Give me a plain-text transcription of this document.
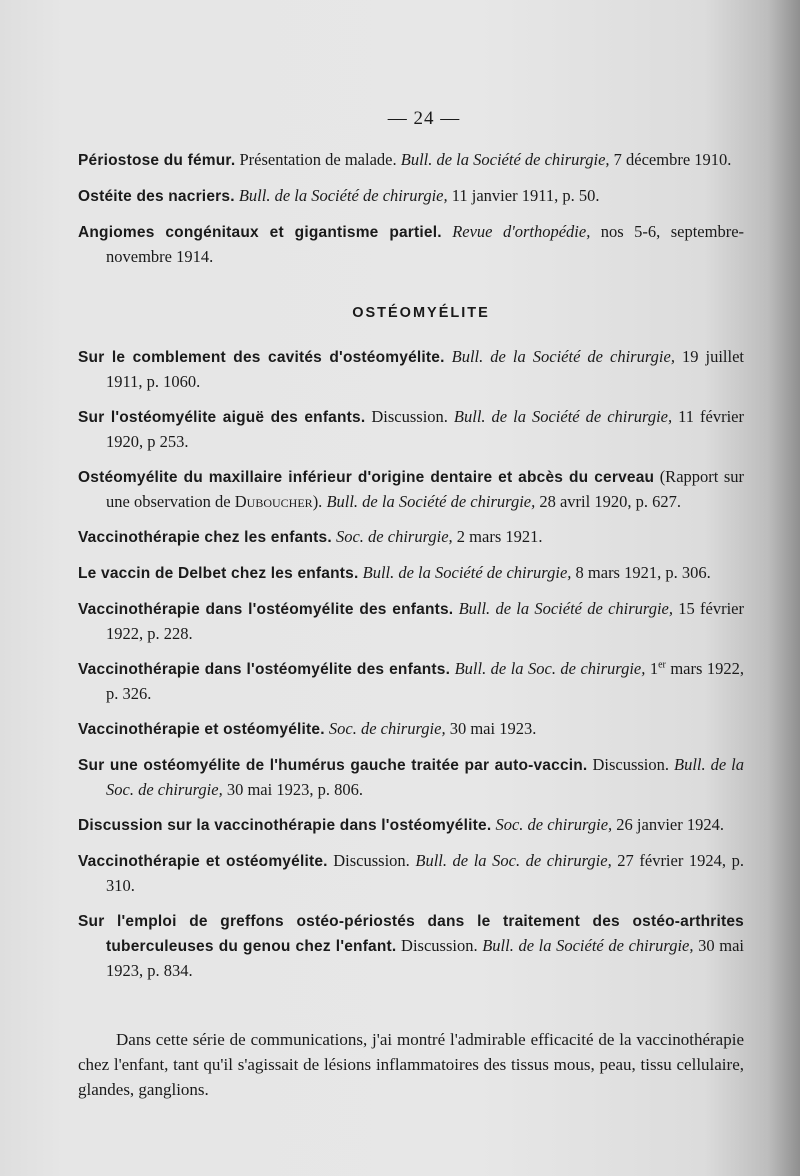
— 24 —

Périostose du fémur. Présentation de malade. Bull. de la Société de chirurgie, 7 décembre 1910.

Ostéite des nacriers. Bull. de la Société de chirurgie, 11 janvier 1911, p. 50.

Angiomes congénitaux et gigantisme partiel. Revue d'orthopédie, nos 5-6, septembre-novembre 1914.

OSTÉOMYÉLITE

Sur le comblement des cavités d'ostéomyélite. Bull. de la Société de chirurgie, 19 juillet 1911, p. 1060.

Sur l'ostéomyélite aiguë des enfants. Discussion. Bull. de la Société de chirurgie, 11 février 1920, p 253.

Ostéomyélite du maxillaire inférieur d'origine dentaire et abcès du cerveau (Rapport sur une observation de Duboucher). Bull. de la Société de chirurgie, 28 avril 1920, p. 627.

Vaccinothérapie chez les enfants. Soc. de chirurgie, 2 mars 1921.

Le vaccin de Delbet chez les enfants. Bull. de la Société de chirurgie, 8 mars 1921, p. 306.

Vaccinothérapie dans l'ostéomyélite des enfants. Bull. de la Société de chirurgie, 15 février 1922, p. 228.

Vaccinothérapie dans l'ostéomyélite des enfants. Bull. de la Soc. de chirurgie, 1er mars 1922, p. 326.

Vaccinothérapie et ostéomyélite. Soc. de chirurgie, 30 mai 1923.

Sur une ostéomyélite de l'humérus gauche traitée par auto-vaccin. Discussion. Bull. de la Soc. de chirurgie, 30 mai 1923, p. 806.

Discussion sur la vaccinothérapie dans l'ostéomyélite. Soc. de chirurgie, 26 janvier 1924.

Vaccinothérapie et ostéomyélite. Discussion. Bull. de la Soc. de chirurgie, 27 février 1924, p. 310.

Sur l'emploi de greffons ostéo-périostés dans le traitement des ostéo-arthrites tuberculeuses du genou chez l'enfant. Discussion. Bull. de la Société de chirurgie, 30 mai 1923, p. 834.

Dans cette série de communications, j'ai montré l'admirable efficacité de la vaccinothérapie chez l'enfant, tant qu'il s'agissait de lésions inflammatoires des tissus mous, peau, tissu cellulaire, glandes, ganglions.
